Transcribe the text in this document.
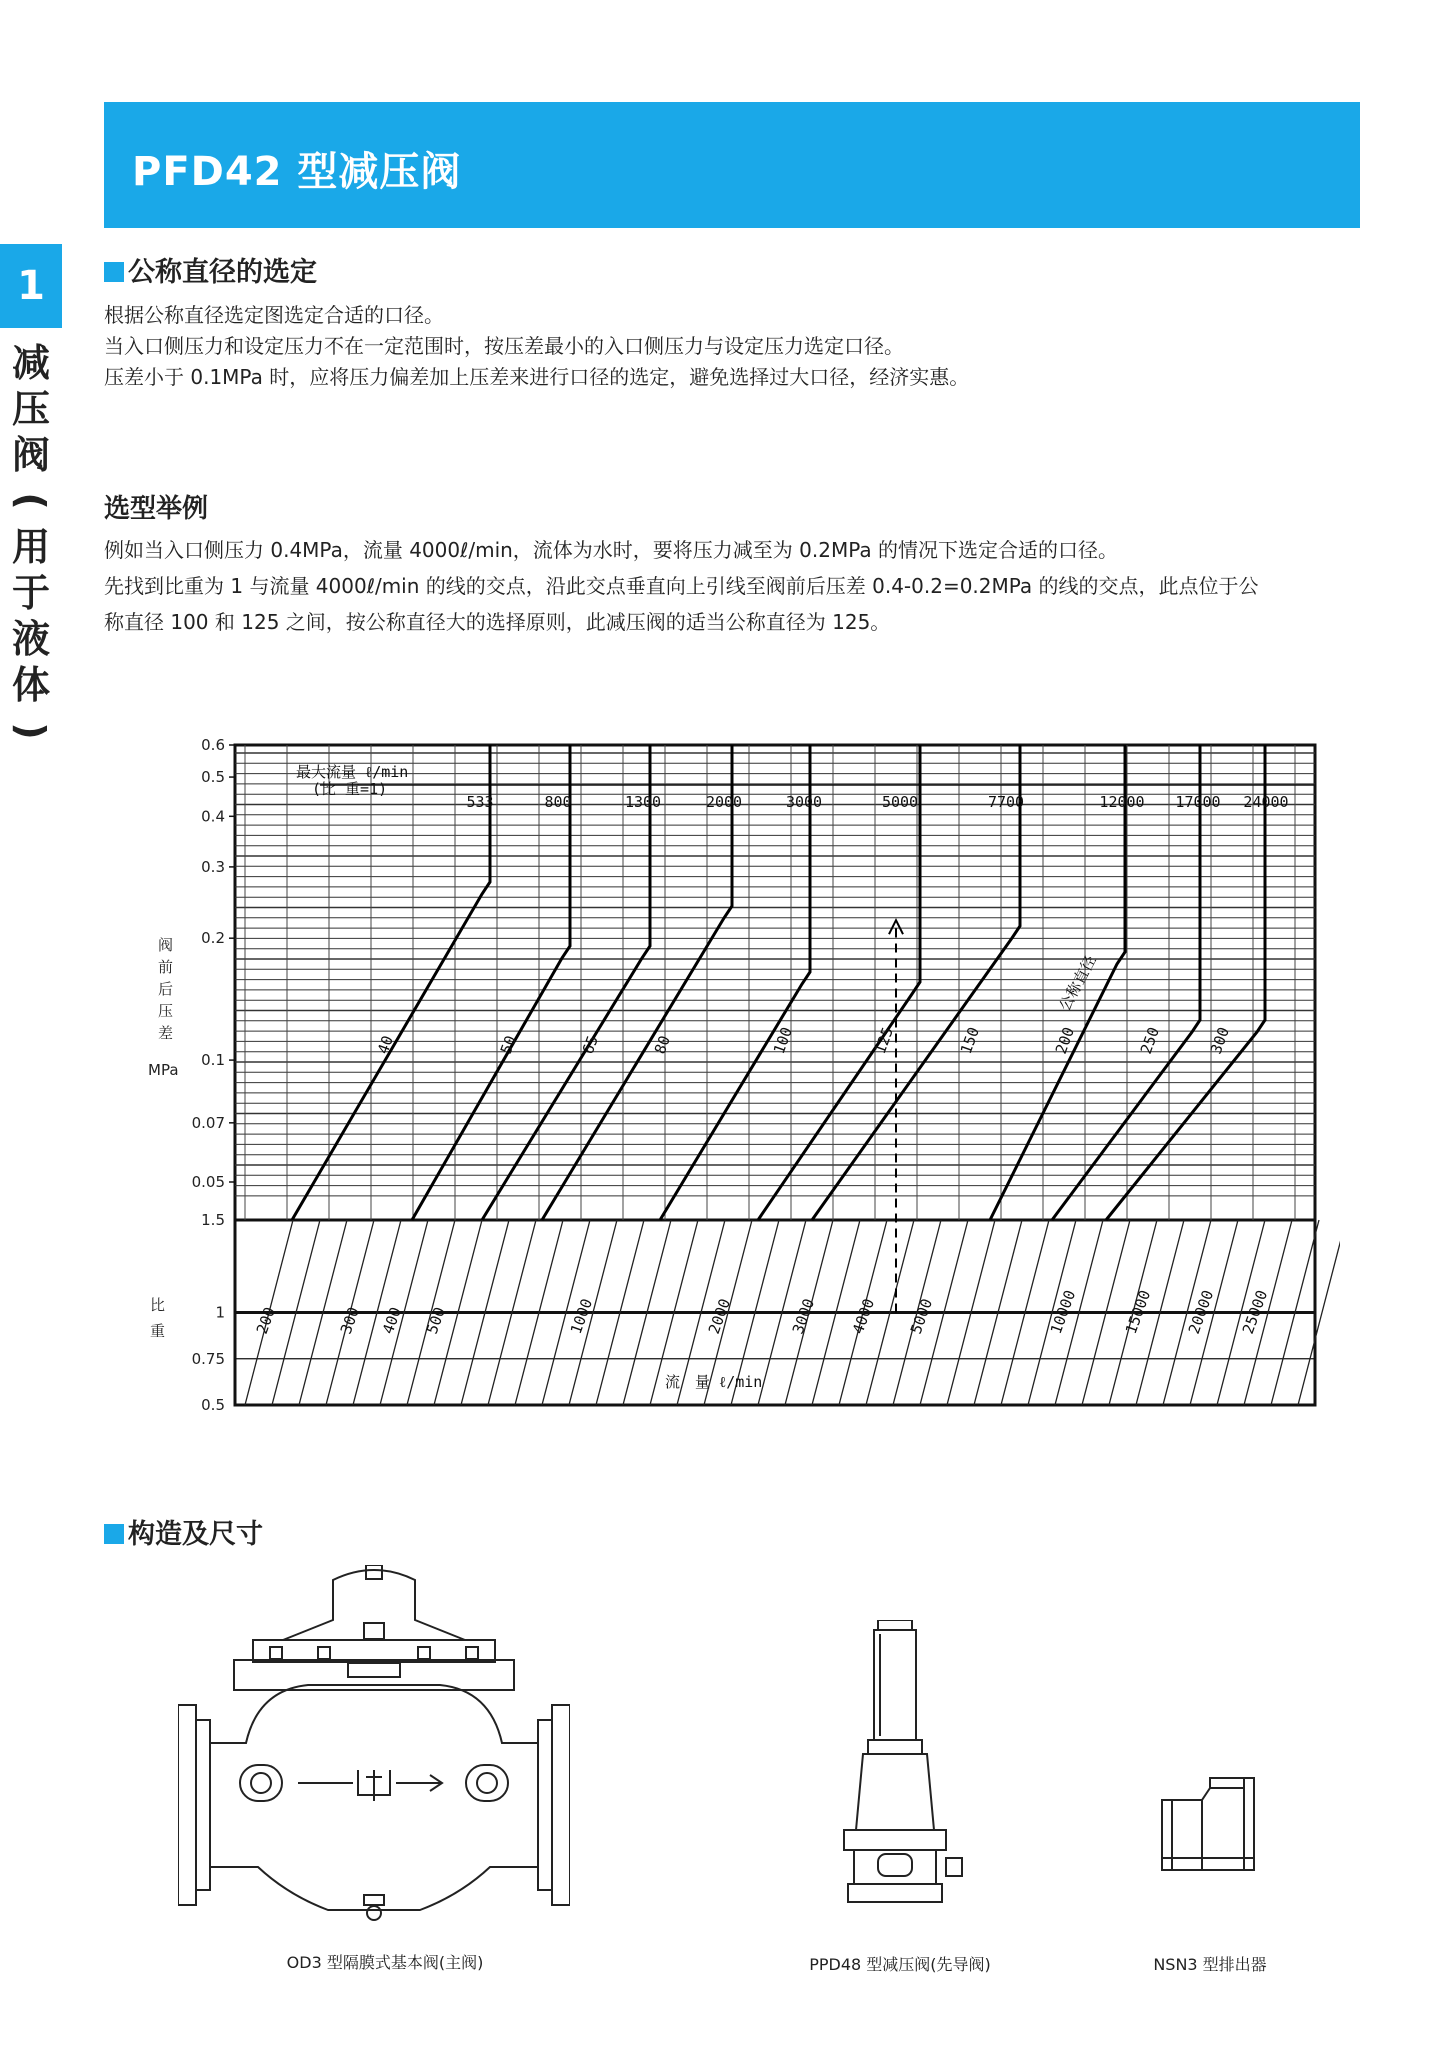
PFD42 型减压阀
1
减
压
阀
(
用
于
液
体
)
公称直径的选定

根据公称直径选定图选定合适的口径。

当入口侧压力和设定压力不在一定范围时，按压差最小的入口侧压力与设定压力选定口径。

压差小于 0.1MPa 时，应将压力偏差加上压差来进行口径的选定，避免选择过大口径，经济实惠。

选型举例

例如当入口侧压力 0.4MPa，流量 4000ℓ/min，流体为水时，要将压力减至为 0.2MPa 的情况下选定合适的口径。

先找到比重为 1 与流量 4000ℓ/min 的线的交点，沿此交点垂直向上引线至阀前后压差 0.4-0.2=0.2MPa 的线的交点，此点位于公

称直径 100 和 125 之间，按公称直径大的选择原则，此减压阀的适当公称直径为 125。

0.6
0.5
0.4
0.3
0.2
0.1
0.07
0.05
阀
前
后
压
差
MPa
最大流量 ℓ/min
(比 重=1)
533	800	1300	2000	3000	5000	7700	12000 17000 24000
40	50	65	80	100	125	150	200	250	300
公称直径
1.5
1
0.75
0.5
比
重	200	300 400 500	1000	2000	3000 4000 5000	10000	15000 20000 25000
流　量 ℓ/min
构造及尺寸
OD3 型隔膜式基本阀(主阀)	PPD48 型减压阀(先导阀)	NSN3 型排出器
